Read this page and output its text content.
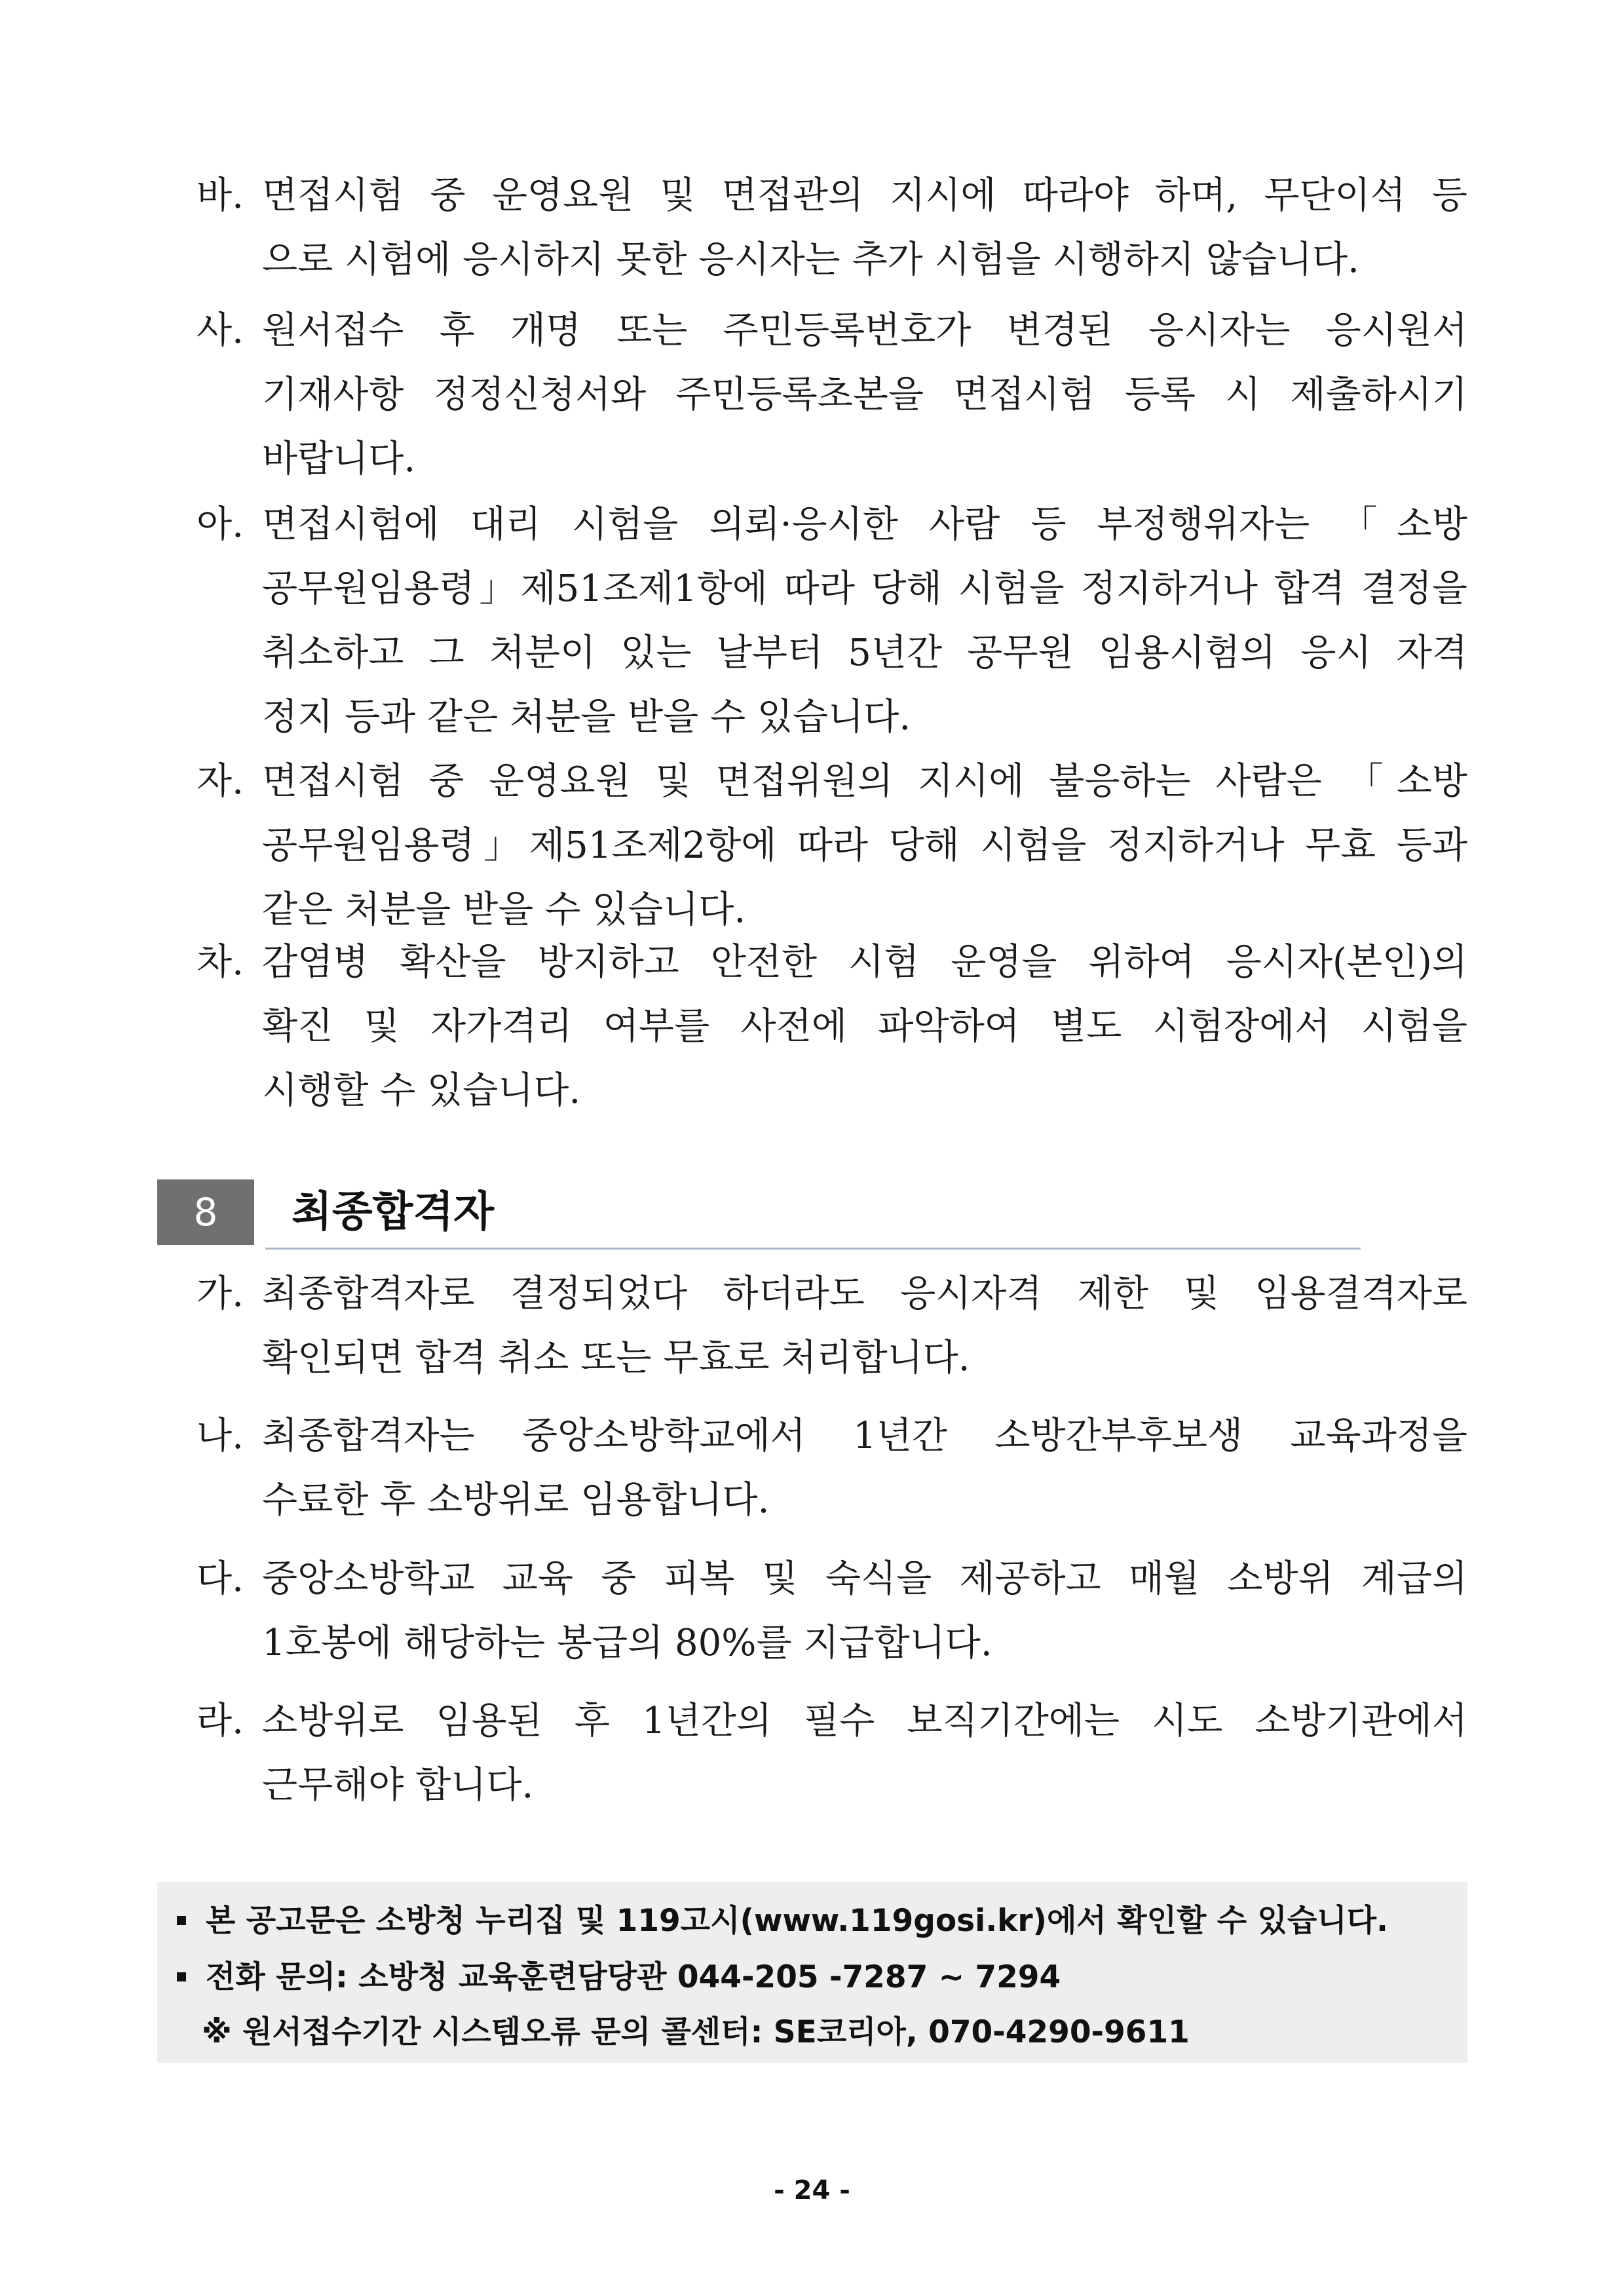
바. 면접시험 중 운영요원 및 면접관의 지시에 따라야 하며, 무단이석 등
으로 시험에 응시하지 못한 응시자는 추가 시험을 시행하지 않습니다.
사. 원서접수 후 개명 또는 주민등록번호가 변경된 응시자는 응시원서
기재사항 정정신청서와 주민등록초본을 면접시험 등록 시 제출하시기
바랍니다.
아. 면접시험에 대리 시험을 의뢰·응시한 사람 등 부정행위자는 「소방
공무원임용령」제51조제1항에 따라 당해 시험을 정지하거나 합격 결정을
취소하고 그 처분이 있는 날부터 5년간 공무원 임용시험의 응시 자격
정지 등과 같은 처분을 받을 수 있습니다.
자. 면접시험 중 운영요원 및 면접위원의 지시에 불응하는 사람은 「소방
공무원임용령」제51조제2항에 따라 당해 시험을 정지하거나 무효 등과
같은 처분을 받을 수 있습니다.
차. 감염병 확산을 방지하고 안전한 시험 운영을 위하여 응시자(본인)의
확진 및 자가격리 여부를 사전에 파악하여 별도 시험장에서 시험을
시행할 수 있습니다.
8	최종합격자
가. 최종합격자로 결정되었다 하더라도 응시자격 제한 및 임용결격자로
확인되면 합격 취소 또는 무효로 처리합니다.
나. 최종합격자는 중앙소방학교에서 1년간 소방간부후보생 교육과정을
수료한 후 소방위로 임용합니다.
다. 중앙소방학교 교육 중 피복 및 숙식을 제공하고 매월 소방위 계급의
1호봉에 해당하는 봉급의 80%를 지급합니다.
라. 소방위로 임용된 후 1년간의 필수 보직기간에는 시도 소방기관에서
근무해야 합니다.
본 공고문은 소방청 누리집 및 119고시(www.119gosi.kr)에서 확인할 수 있습니다.
전화 문의: 소방청 교육훈련담당관 044-205 -7287 ~ 7294
※ 원서접수기간 시스템오류 문의 콜센터: SE코리아, 070-4290-9611
- 24 -
